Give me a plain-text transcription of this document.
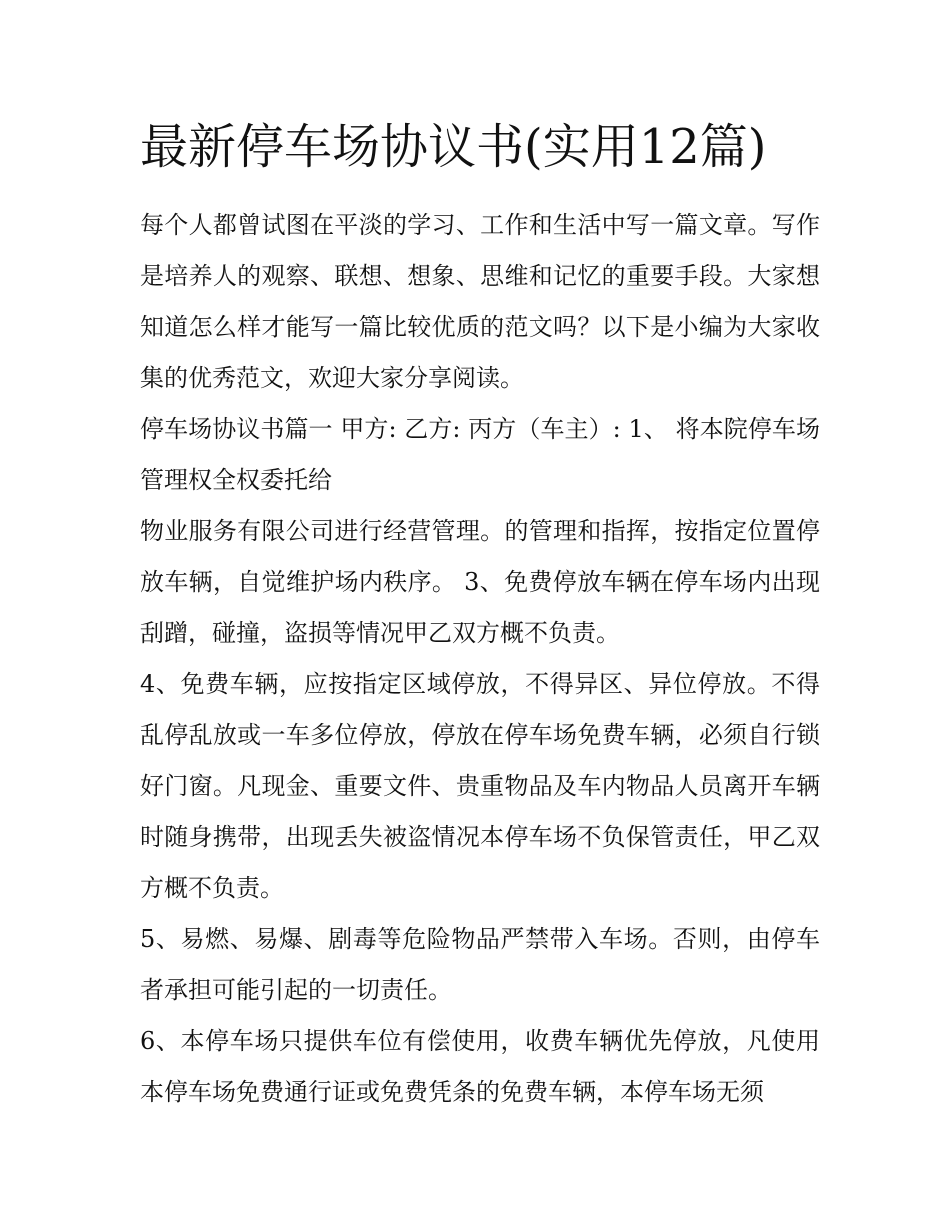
最新停车场协议书(实用12篇)

每个人都曾试图在平淡的学习、工作和生活中写一篇文章。写作是培养人的观察、联想、想象、思维和记忆的重要手段。大家想知道怎么样才能写一篇比较优质的范文吗？以下是小编为大家收集的优秀范文，欢迎大家分享阅读。

停车场协议书篇一 甲方: 乙方: 丙方（车主）: 1、 将本院停车场管理权全权委托给

物业服务有限公司进行经营管理。的管理和指挥，按指定位置停放车辆，自觉维护场内秩序。 3、免费停放车辆在停车场内出现刮蹭，碰撞，盗损等情况甲乙双方概不负责。

4、免费车辆，应按指定区域停放，不得异区、异位停放。不得乱停乱放或一车多位停放，停放在停车场免费车辆，必须自行锁好门窗。凡现金、重要文件、贵重物品及车内物品人员离开车辆时随身携带，出现丢失被盗情况本停车场不负保管责任，甲乙双方概不负责。

5、易燃、易爆、剧毒等危险物品严禁带入车场。否则，由停车者承担可能引起的一切责任。

6、本停车场只提供车位有偿使用，收费车辆优先停放，凡使用本停车场免费通行证或免费凭条的免费车辆，本停车场无须
